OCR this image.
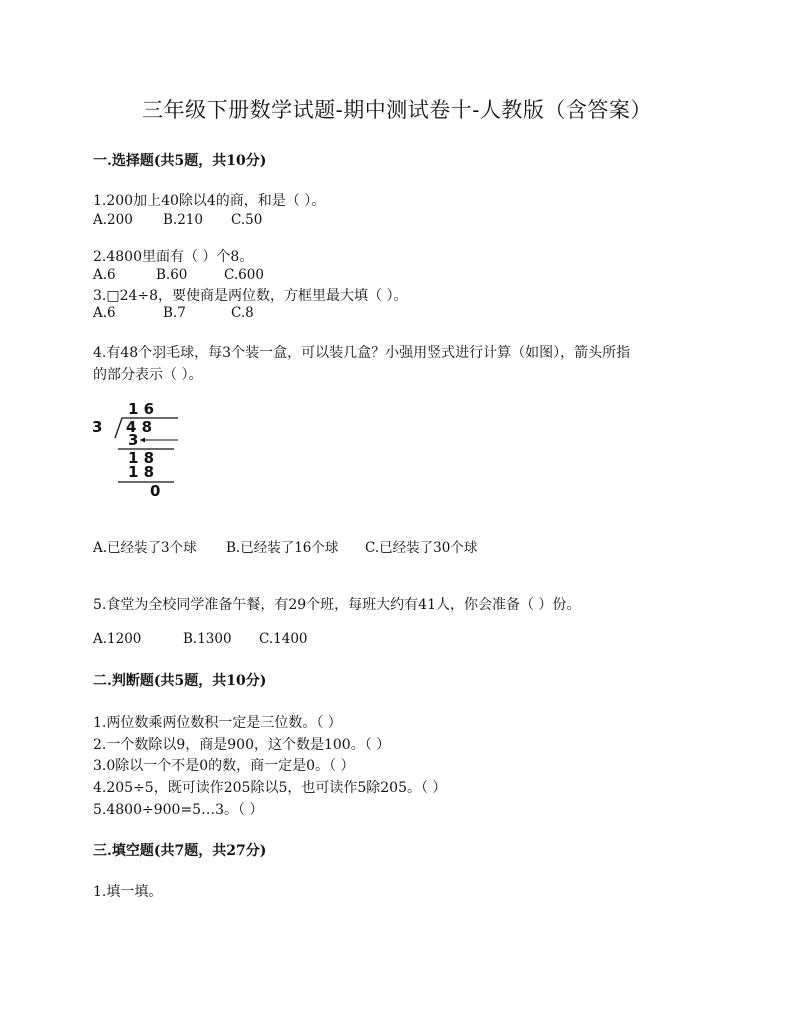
三年级下册数学试题-期中测试卷十-人教版（含答案）
一.选择题(共5题，共10分)
1.200加上40除以4的商，和是（ ）。
A.200 B.210 C.50
2.4800里面有（ ）个8。
A.6	B.60	C.600
3.□24÷8，要使商是两位数，方框里最大填（ ）。
A.6	B.7	C.8
4.有48个羽毛球，每3个装一盒，可以装几盒？小强用竖式进行计算（如图），箭头所指
的部分表示（ ）。
1 6
3 4 8
3
1 8
1 8
0
A.已经装了3个球 B.已经装了16个球 C.已经装了30个球
5.食堂为全校同学准备午餐，有29个班，每班大约有41人，你会准备（ ）份。
A.1200	B.1300 C.1400
二.判断题(共5题，共10分)
1.两位数乘两位数积一定是三位数。（ ）
2.一个数除以9，商是900，这个数是100。（ ）
3.0除以一个不是0的数，商一定是0。（ ）
4.205÷5，既可读作205除以5，也可读作5除205。（ ）
5.4800÷900=5…3。（ ）
三.填空题(共7题，共27分)
1.填一填。
